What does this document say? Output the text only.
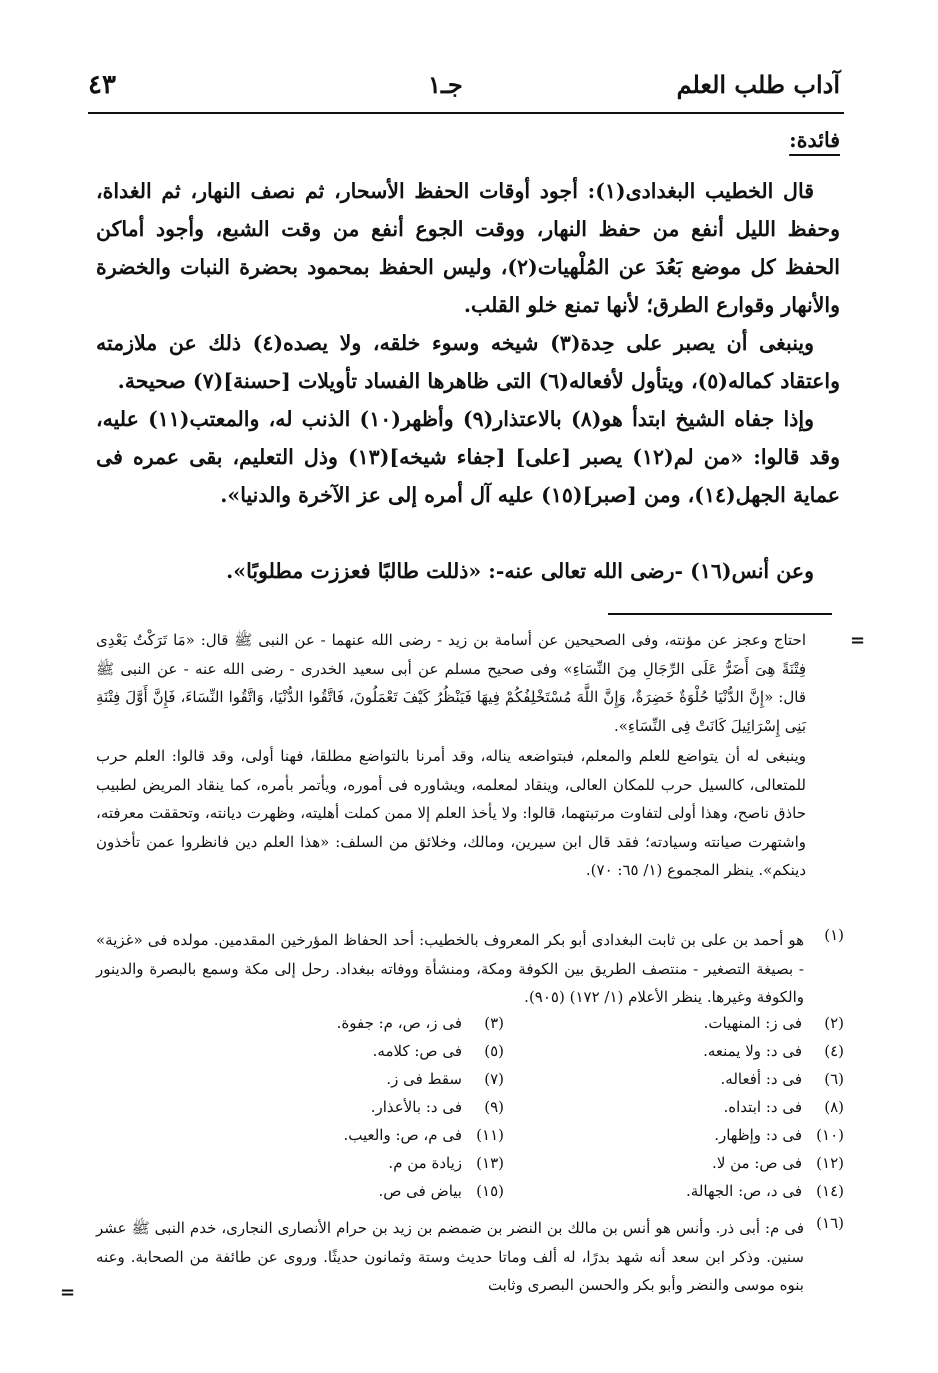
آداب طلب العلم
جـ١
٤٣
فائدة:

قال الخطيب البغدادى(١): أجود أوقات الحفظ الأسحار، ثم نصف النهار، ثم الغداة، وحفظ الليل أنفع من حفظ النهار، ووقت الجوع أنفع من وقت الشبع، وأجود أماكن الحفظ كل موضع بَعُدَ عن المُلْهيات(٢)، وليس الحفظ بمحمود بحضرة النبات والخضرة والأنهار وقوارع الطرق؛ لأنها تمنع خلو القلب.

وينبغى أن يصبر على حِدة(٣) شيخه وسوء خلقه، ولا يصده(٤) ذلك عن ملازمته واعتقاد كماله(٥)، ويتأول لأفعاله(٦) التى ظاهرها الفساد تأويلات [حسنة](٧) صحيحة.

وإذا جفاه الشيخ ابتدأ هو(٨) بالاعتذار(٩) وأظهر(١٠) الذنب له، والمعتب(١١) عليه، وقد قالوا: «من لم(١٢) يصبر [على] [جفاء شيخه](١٣) وذل التعليم، بقى عمره فى عماية الجهل(١٤)، ومن [صبر](١٥) عليه آل أمره إلى عز الآخرة والدنيا».

وعن أنس(١٦) -رضى الله تعالى عنه-: «ذللت طالبًا فعززت مطلوبًا».

=

احتاج وعجز عن مؤنته، وفى الصحيحين عن أسامة بن زيد - رضى الله عنهما - عن النبى ﷺ قال: «مَا تَرَكْتُ بَعْدِى فِتْنَةً هِىَ أَضَرُّ عَلَى الرِّجَالِ مِنَ النِّسَاءِ» وفى صحيح مسلم عن أبى سعيد الخدرى - رضى الله عنه - عن النبى ﷺ قال: «إِنَّ الدُّنْيَا حُلْوَةٌ خَضِرَةٌ، وَإِنَّ اللَّهَ مُسْتَخْلِفُكُمْ فِيهَا فَيَنْظُرُ كَيْفَ تَعْمَلُونَ، فَاتَّقُوا الدُّنْيَا، وَاتَّقُوا النِّسَاءَ، فَإِنَّ أَوَّلَ فِتْنَةِ بَنِى إِسْرَائِيلَ كَانَتْ فِى النِّسَاءِ».

وينبغى له أن يتواضع للعلم والمعلم، فبتواضعه يناله، وقد أمرنا بالتواضع مطلقا، فهنا أولى، وقد قالوا: العلم حرب للمتعالى، كالسيل حرب للمكان العالى، وينقاد لمعلمه، ويشاوره فى أموره، ويأتمر بأمره، كما ينقاد المريض لطبيب حاذق ناصح، وهذا أولى لتفاوت مرتبتهما، قالوا: ولا يأخذ العلم إلا ممن كملت أهليته، وظهرت ديانته، وتحققت معرفته، واشتهرت صيانته وسيادته؛ فقد قال ابن سيرين، ومالك، وخلائق من السلف: «هذا العلم دين فانظروا عمن تأخذون دينكم». ينظر المجموع (١/ ٦٥: ٧٠).

(١)

هو أحمد بن على بن ثابت البغدادى أبو بكر المعروف بالخطيب: أحد الحفاظ المؤرخين المقدمين. مولده فى «غزية» - بصيغة التصغير - منتصف الطريق بين الكوفة ومكة، ومنشأة ووفاته ببغداد. رحل إلى مكة وسمع بالبصرة والدينور والكوفة وغيرها. ينظر الأعلام (١/ ١٧٢) (٩٠٥).

(٢)فى ز: المنهيات.
(٣)فى ز، ص، م: جفوة.
(٤)فى د: ولا يمنعه.
(٥)فى ص: كلامه.
(٦)فى د: أفعاله.
(٧)سقط فى ز.
(٨)فى د: ابتداه.
(٩)فى د: بالأعذار.
(١٠)فى د: وإظهار.
(١١)فى م، ص: والعيب.
(١٢)فى ص: من لا.
(١٣)زيادة من م.
(١٤)فى د، ص: الجهالة.
(١٥)بياض فى ص.
(١٦)

فى م: أبى ذر. وأنس هو أنس بن مالك بن النضر بن ضمضم بن زيد بن حرام الأنصارى النجارى، خدم النبى ﷺ عشر سنين. وذكر ابن سعد أنه شهد بدرًا، له ألف وماتا حديث وستة وثمانون حديثًا. وروى عن طائفة من الصحابة. وعنه بنوه موسى والنضر وأبو بكر والحسن البصرى وثابت

=
